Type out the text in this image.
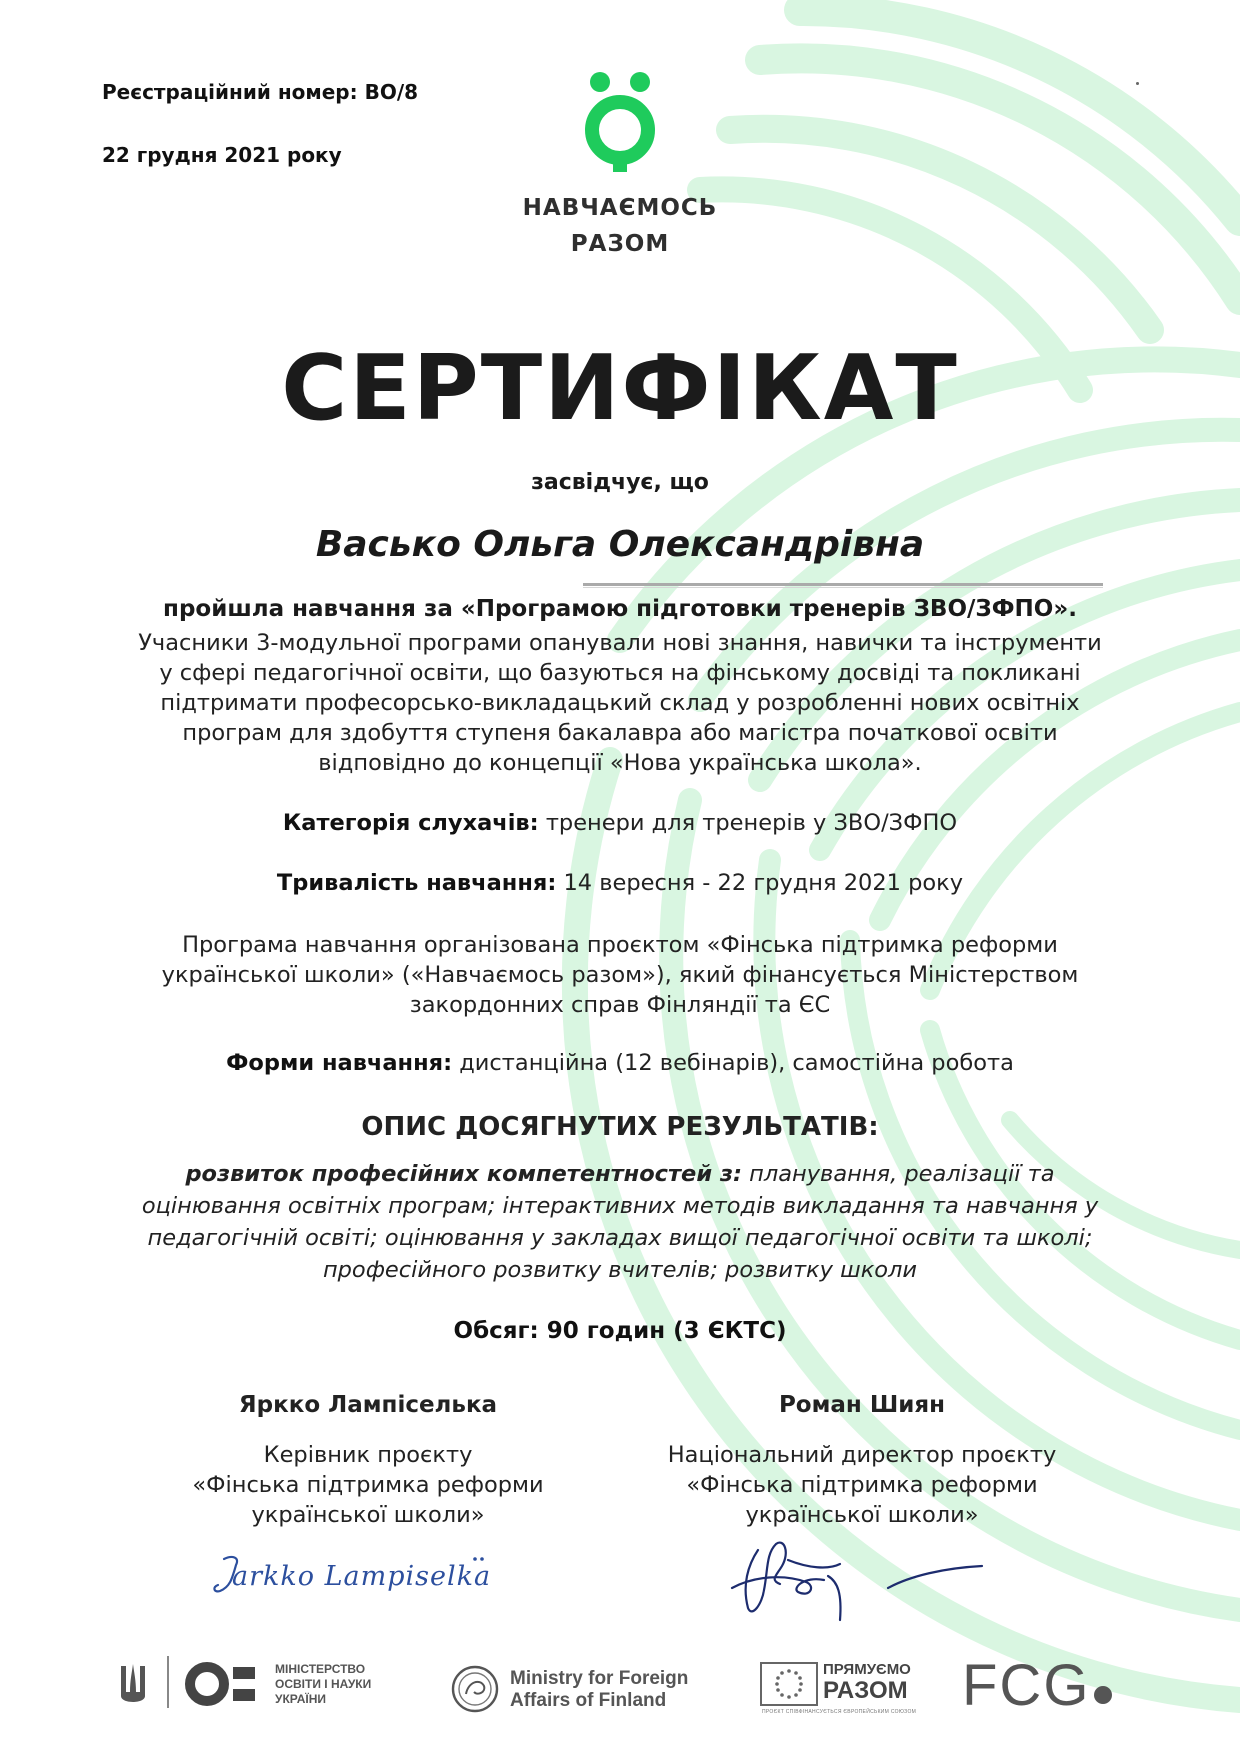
Реєстраційний номер: ВО/8
22 грудня 2021 року
НАВЧАЄМОСЬ
РАЗОМ
СЕРТИФІКАТ
засвідчує, що
Васько Ольга Олександрівна
пройшла навчання за «Програмою підготовки тренерів ЗВО/ЗФПО».
Учасники 3-модульної програми опанували нові знання, навички та інструменти
у сфері педагогічної освіти, що базуються на фінському досвіді та покликані
підтримати професорсько-викладацький склад у розробленні нових освітніх
програм для здобуття ступеня бакалавра або магістра початкової освіти
відповідно до концепції «Нова українська школа».
Категорія слухачів: тренери для тренерів у ЗВО/ЗФПО
Тривалість навчання: 14 вересня - 22 грудня 2021 року
Програма навчання організована проєктом «Фінська підтримка реформи
української школи» («Навчаємось разом»), який фінансується Міністерством
закордонних справ Фінляндії та ЄС
Форми навчання: дистанційна (12 вебінарів), самостійна робота
ОПИС ДОСЯГНУТИХ РЕЗУЛЬТАТІВ:
розвиток професійних компетентностей з: планування, реалізації та
оцінювання освітніх програм; інтерактивних методів викладання та навчання у
педагогічній освіті; оцінювання у закладах вищої педагогічної освіти та школі;
професійного розвитку вчителів; розвитку школи
Обсяг: 90 годин (3 ЄКТС)
Яркко Лампіселька
Керівник проєкту
«Фінська підтримка реформи
української школи»
Роман Шиян
Національний директор проєкту
«Фінська підтримка реформи
української школи»
arkko Lampiselka
МІНІСТЕРСТВО
ОСВІТИ І НАУКИ
УКРАЇНИ
Ministry for Foreign
Affairs of Finland
ПРЯМУЄМО
РАЗОМ
ПРОЄКТ СПІВФІНАНСУЄТЬСЯ ЄВРОПЕЙСЬКИМ СОЮЗОМ FCG
